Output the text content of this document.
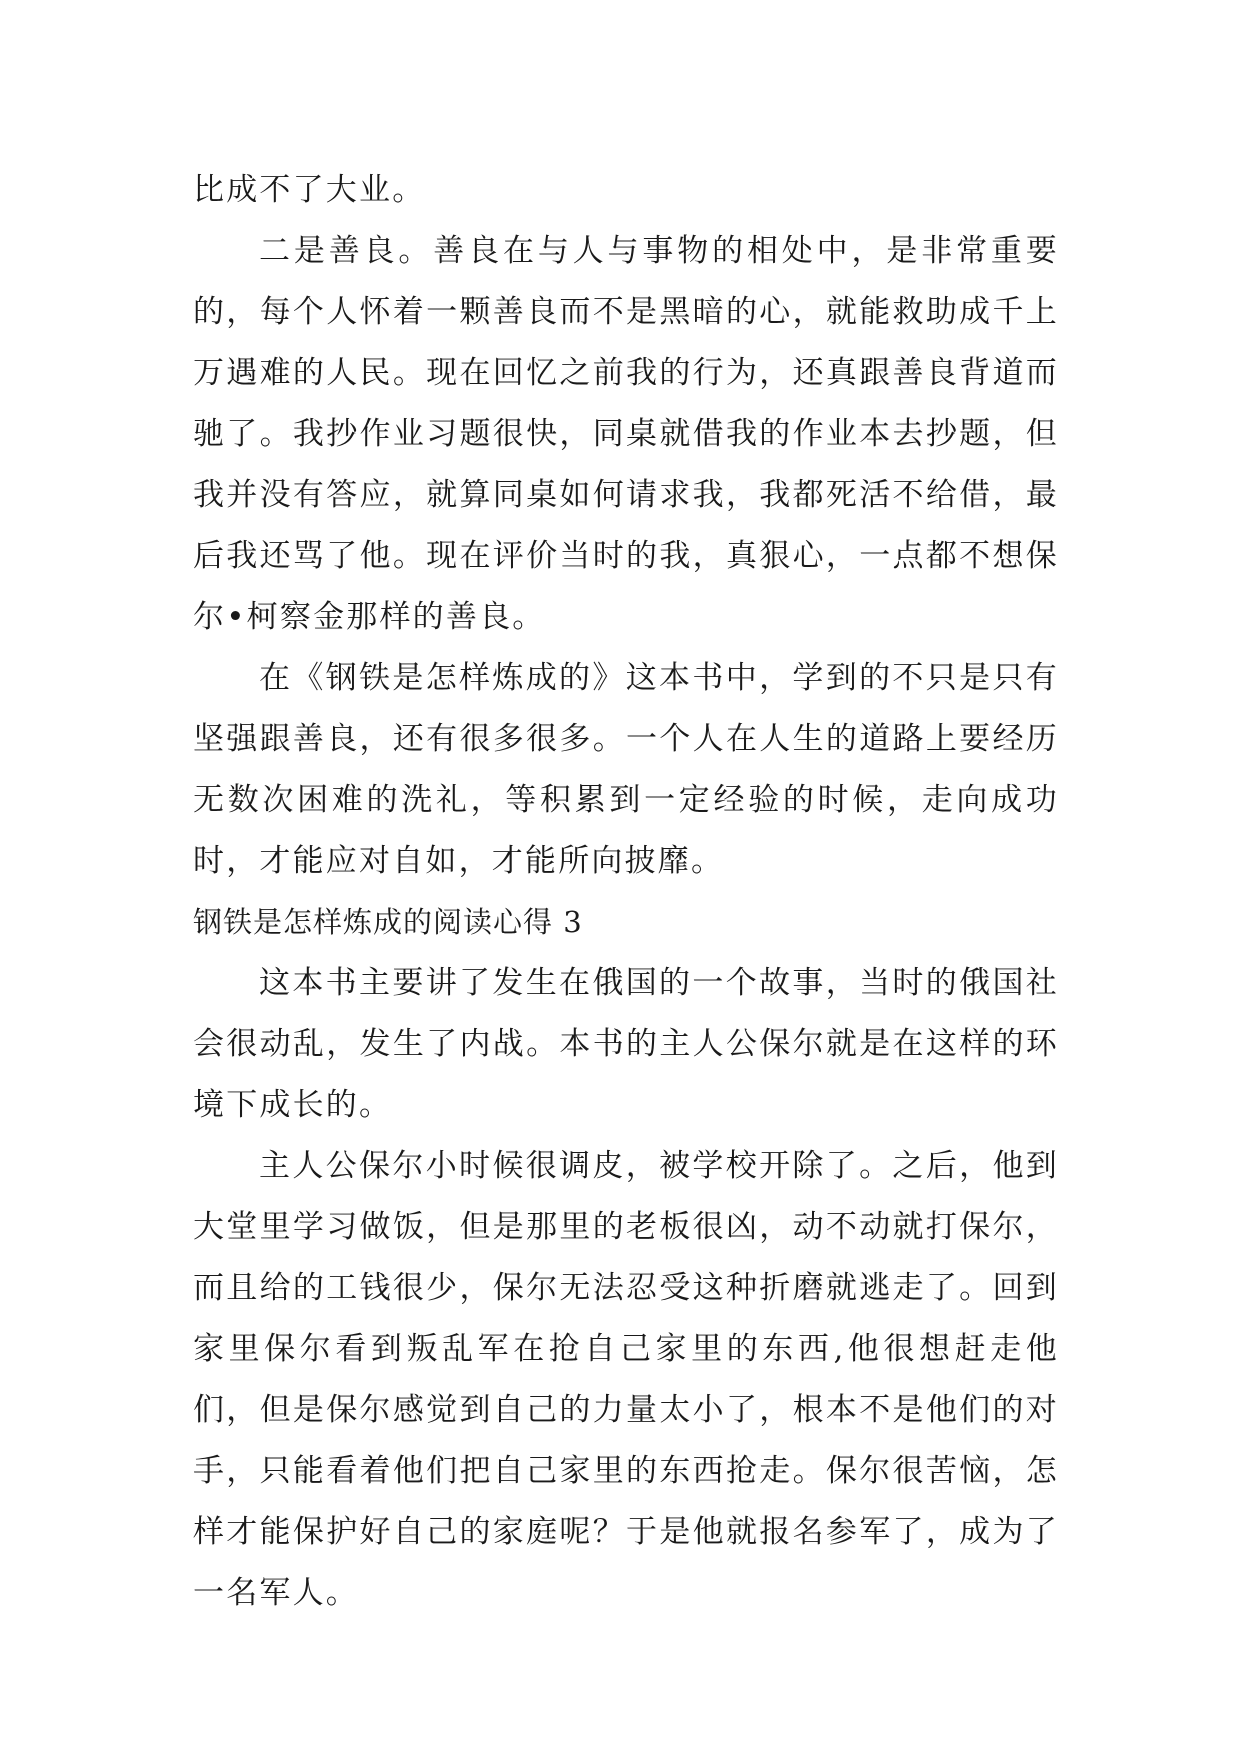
比成不了大业。

二是善良。善良在与人与事物的相处中，是非常重要的，每个人怀着一颗善良而不是黑暗的心，就能救助成千上万遇难的人民。现在回忆之前我的行为，还真跟善良背道而驰了。我抄作业习题很快，同桌就借我的作业本去抄题，但我并没有答应，就算同桌如何请求我，我都死活不给借，最后我还骂了他。现在评价当时的我，真狠心，一点都不想保尔•柯察金那样的善良。

在《钢铁是怎样炼成的》这本书中，学到的不只是只有坚强跟善良，还有很多很多。一个人在人生的道路上要经历无数次困难的洗礼，等积累到一定经验的时候，走向成功时，才能应对自如，才能所向披靡。

钢铁是怎样炼成的阅读心得 3

这本书主要讲了发生在俄国的一个故事，当时的俄国社会很动乱，发生了内战。本书的主人公保尔就是在这样的环境下成长的。

主人公保尔小时候很调皮，被学校开除了。之后，他到大堂里学习做饭，但是那里的老板很凶，动不动就打保尔，而且给的工钱很少，保尔无法忍受这种折磨就逃走了。回到家里保尔看到叛乱军在抢自己家里的东西,他很想赶走他们，但是保尔感觉到自己的力量太小了，根本不是他们的对手，只能看着他们把自己家里的东西抢走。保尔很苦恼，怎样才能保护好自己的家庭呢？于是他就报名参军了，成为了一名军人。
